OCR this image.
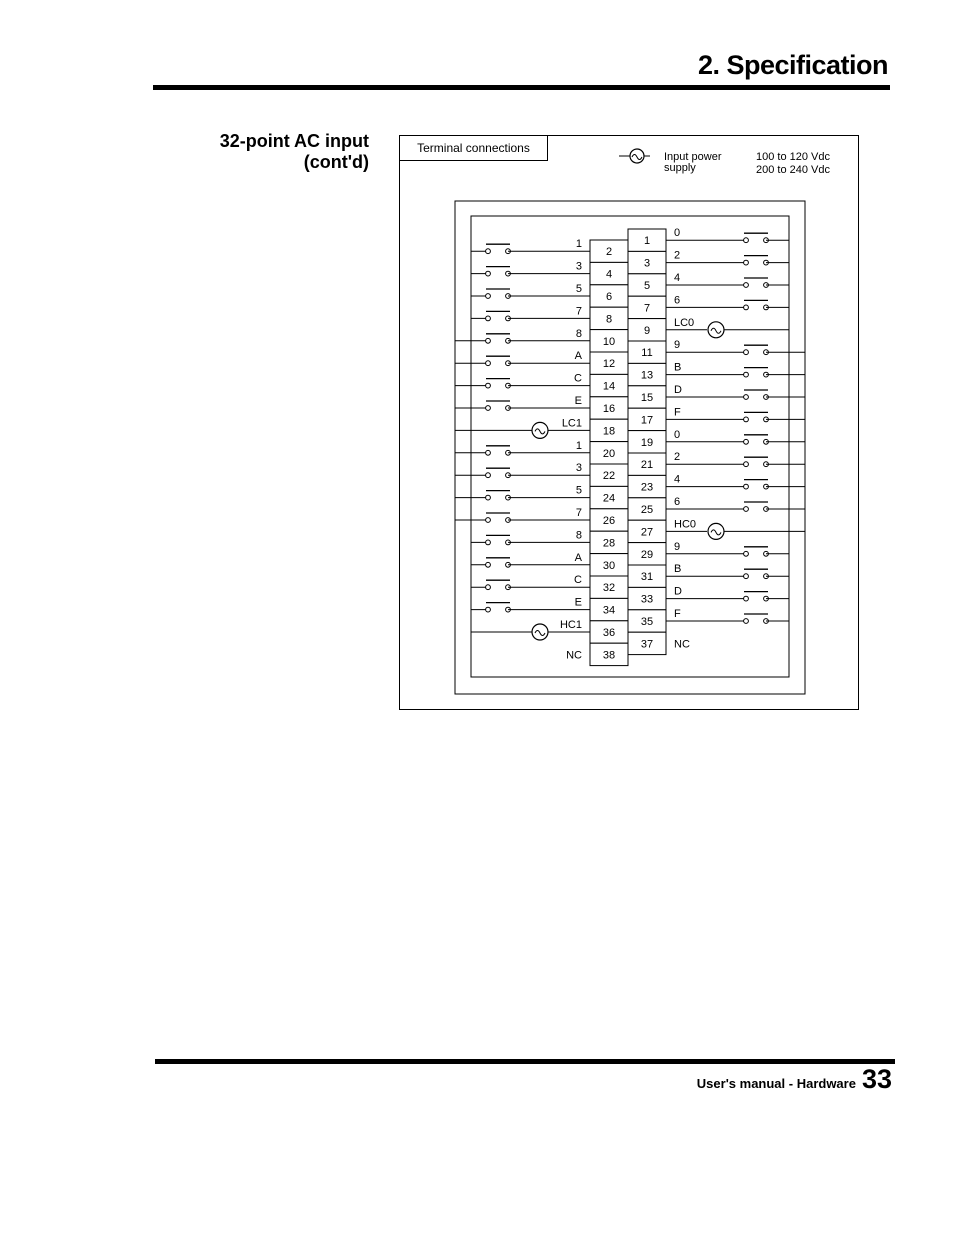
2. Specification
32-point AC input
(cont'd)
Terminal connections
Input power
supply
100 to 120 Vdc
200 to 240 Vdc
1
3
5
7
8
A
C
E
LC1
1
3
5
7
8
A
C
E
HC1
NC
0
2
4
6
LC0
9
B
D
F
0
2
4
6
HC0
9
B
D
F
NC
2
1
4
3
6
5
8
7
10
9
12
11
14
13
16
15
18
17
20
19
22
21
24
23
26
25
28
27
30
29
32
31
34
33
36
35
38
37
User's manual - Hardware 33
